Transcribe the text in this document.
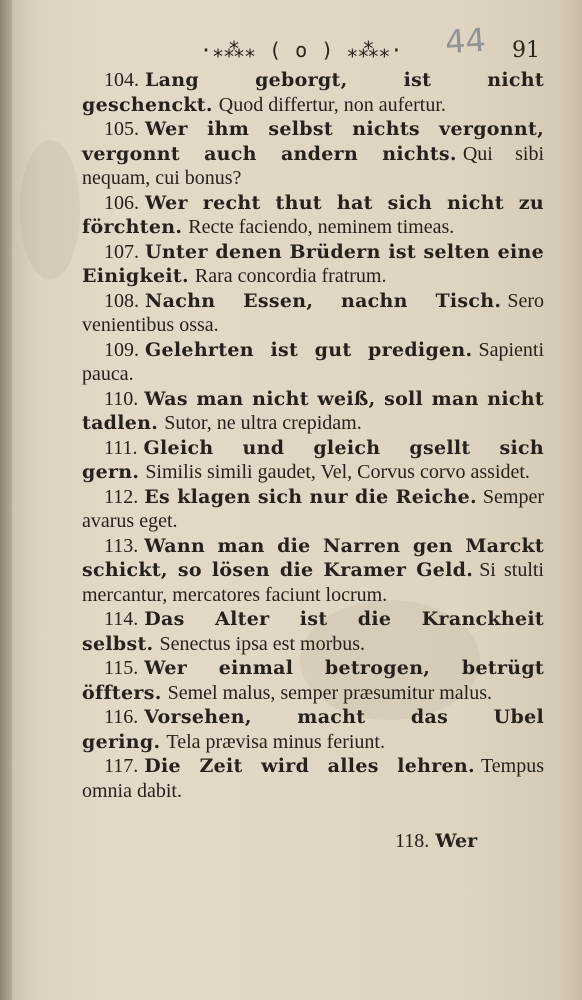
·⁎⁂⁎ ( o ) ⁎⁂⁎· 44 91

104. Lang geborgt, ist nicht geschenckt. Quod differtur, non aufertur.

105. Wer ihm selbst nichts vergonnt, vergonnt auch andern nichts. Qui sibi nequam, cui bonus?

106. Wer recht thut hat sich nicht zu förchten. Recte faciendo, neminem timeas.

107. Unter denen Brüdern ist selten eine Einigkeit. Rara concordia fratrum.

108. Nachn Essen, nachn Tisch. Sero venientibus ossa.

109. Gelehrten ist gut predigen. Sapienti pauca.

110. Was man nicht weiß, soll man nicht tadlen. Sutor, ne ultra crepidam.

111. Gleich und gleich gsellt sich gern. Similis simili gaudet, Vel, Corvus corvo assidet.

112. Es klagen sich nur die Reiche. Semper avarus eget.

113. Wann man die Narren gen Marckt schickt, so lösen die Kramer Geld. Si stulti mercantur, mercatores faciunt locrum.

114. Das Alter ist die Kranckheit selbst. Senectus ipsa est morbus.

115. Wer einmal betrogen, betrügt öffters. Semel malus, semper præsumitur malus.

116. Vorsehen, macht das Ubel gering. Tela prævisa minus feriunt.

117. Die Zeit wird alles lehren. Tempus omnia dabit.

118. Wer
